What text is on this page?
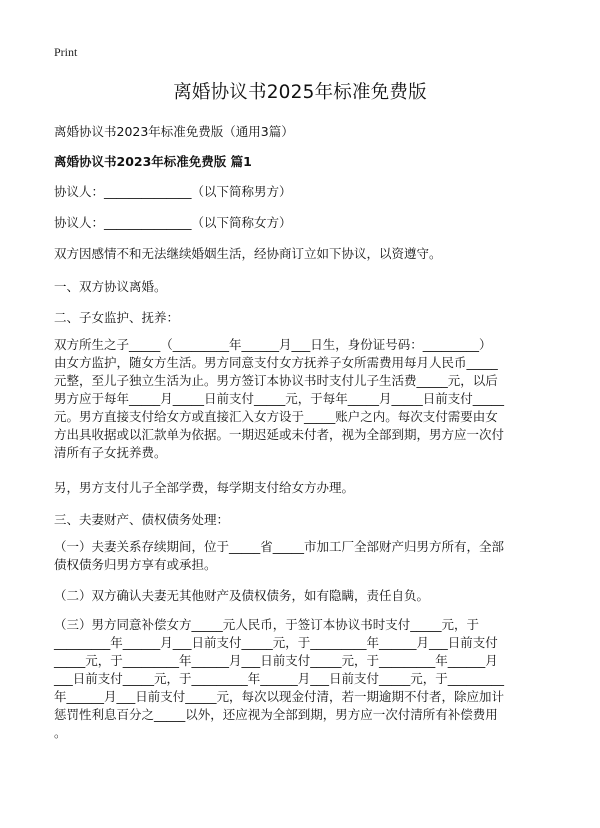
Print
离婚协议书2025年标准免费版
离婚协议书2023年标准免费版（通用3篇）
离婚协议书2023年标准免费版 篇1
协议人：______________（以下简称男方）
协议人：______________（以下简称女方）
双方因感情不和无法继续婚姻生活，经协商订立如下协议，以资遵守。
一、双方协议离婚。
二、子女监护、抚养：
双方所生之子_____（_________年______月___日生，身份证号码：_________）
由女方监护，随女方生活。男方同意支付女方抚养子女所需费用每月人民币_____
元整，至儿子独立生活为止。男方签订本协议书时支付儿子生活费_____元，以后
男方应于每年_____月_____日前支付_____元，于每年_____月_____日前支付_____
元。男方直接支付给女方或直接汇入女方设于_____账户之内。每次支付需要由女
方出具收据或以汇款单为依据。一期迟延或未付者，视为全部到期，男方应一次付
清所有子女抚养费。
另，男方支付儿子全部学费，每学期支付给女方办理。
三、夫妻财产、债权债务处理：
（一）夫妻关系存续期间，位于_____省_____市加工厂全部财产归男方所有，全部
债权债务归男方享有或承担。
（二）双方确认夫妻无其他财产及债权债务，如有隐瞒，责任自负。
（三）男方同意补偿女方_____元人民币，于签订本协议书时支付_____元，于
_________年______月___日前支付_____元，于_________年______月___日前支付
_____元，于_________年______月___日前支付_____元，于_________年______月
___日前支付_____元，于_________年______月___日前支付_____元，于_________
年______月___日前支付_____元，每次以现金付清，若一期逾期不付者，除应加计
惩罚性利息百分之_____以外，还应视为全部到期，男方应一次付清所有补偿费用
。
